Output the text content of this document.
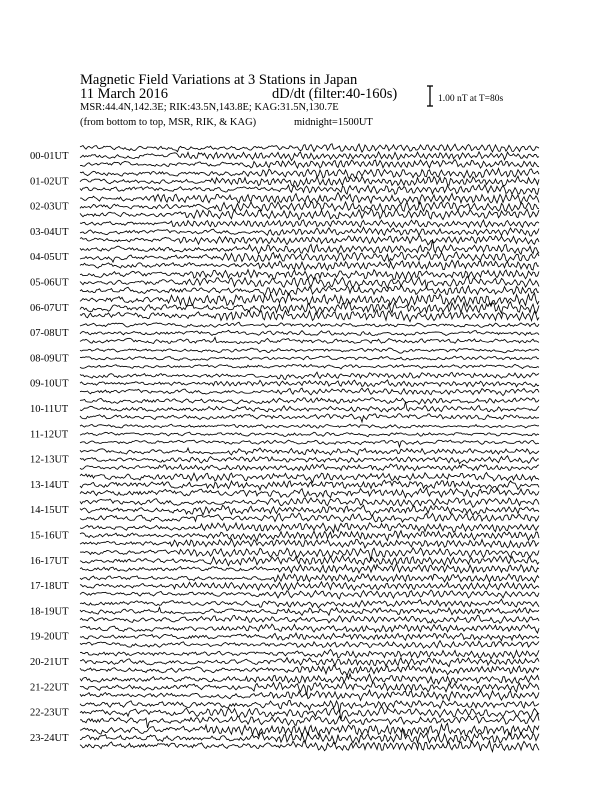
Magnetic Field Variations at 3 Stations in Japan
11 March 2016	dD/dt (filter:40-160s)
MSR:44.4N,142.3E; RIK:43.5N,143.8E; KAG:31.5N,130.7E
(from bottom to top, MSR, RIK, & KAG)	midnight=1500UT
1.00 nT at T=80s
00-01UT
01-02UT
02-03UT
03-04UT
04-05UT
05-06UT
06-07UT
07-08UT
08-09UT
09-10UT
10-11UT
11-12UT
12-13UT
13-14UT
14-15UT
15-16UT
16-17UT
17-18UT
18-19UT
19-20UT
20-21UT
21-22UT
22-23UT
23-24UT
